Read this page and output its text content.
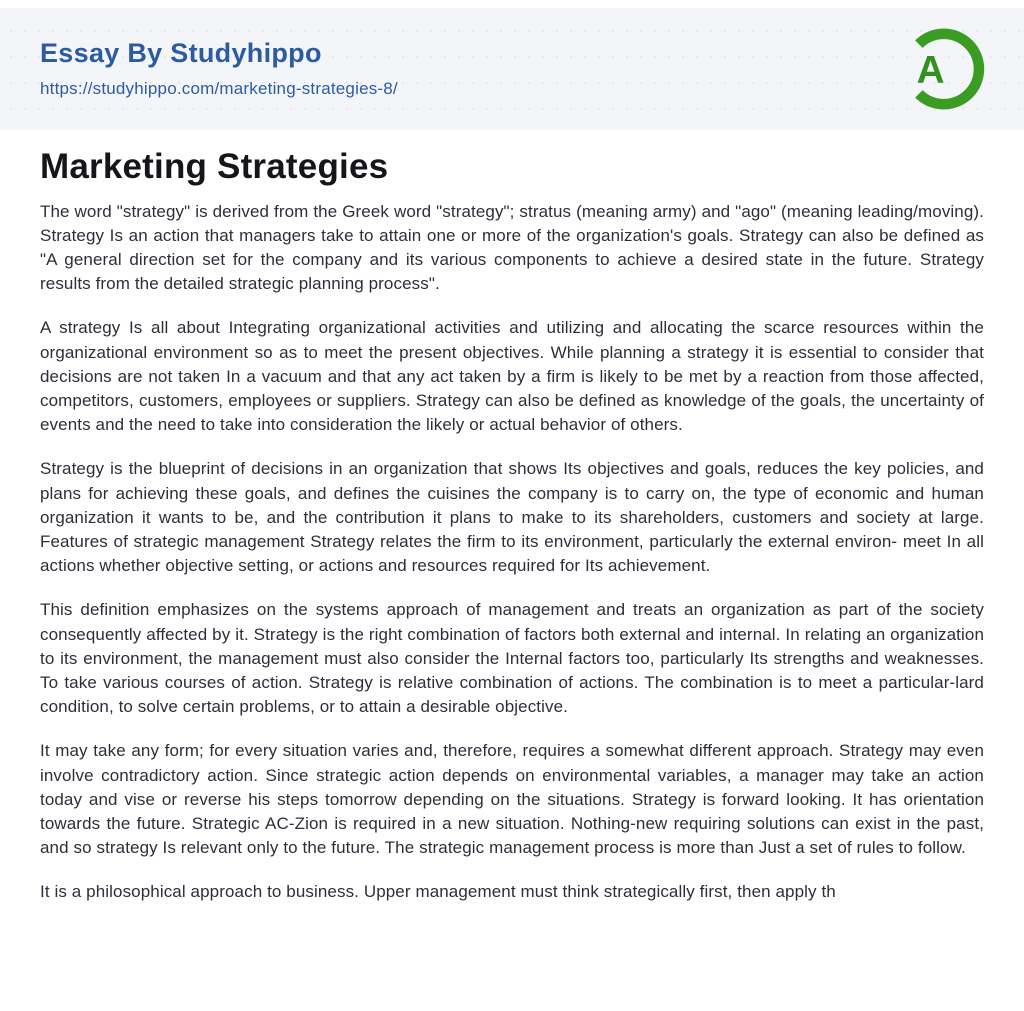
Essay By Studyhippo
https://studyhippo.com/marketing-strategies-8/	A
Marketing Strategies

The word "strategy" is derived from the Greek word "strategy"; stratus (meaning army) and "ago" (meaning leading/moving). Strategy Is an action that managers take to attain one or more of the organization's goals. Strategy can also be defined as "A general direction set for the company and its various components to achieve a desired state in the future. Strategy results from the detailed strategic planning process".

A strategy Is all about Integrating organizational activities and utilizing and allocating the scarce resources within the organizational environment so as to meet the present objectives. While planning a strategy it is essential to consider that decisions are not taken In a vacuum and that any act taken by a firm is likely to be met by a reaction from those affected, competitors, customers, employees or suppliers. Strategy can also be defined as knowledge of the goals, the uncertainty of events and the need to take into consideration the likely or actual behavior of others.

Strategy is the blueprint of decisions in an organization that shows Its objectives and goals, reduces the key policies, and plans for achieving these goals, and defines the cuisines the company is to carry on, the type of economic and human organization it wants to be, and the contribution it plans to make to its shareholders, customers and society at large. Features of strategic management Strategy relates the firm to its environment, particularly the external environ- meet In all actions whether objective setting, or actions and resources required for Its achievement.

This definition emphasizes on the systems approach of management and treats an organization as part of the society consequently affected by it. Strategy is the right combination of factors both external and internal. In relating an organization to its environment, the management must also consider the Internal factors too, particularly Its strengths and weaknesses. To take various courses of action. Strategy is relative combination of actions. The combination is to meet a particular-lard condition, to solve certain problems, or to attain a desirable objective.

It may take any form; for every situation varies and, therefore, requires a somewhat different approach. Strategy may even involve contradictory action. Since strategic action depends on environmental variables, a manager may take an action today and vise or reverse his steps tomorrow depending on the situations. Strategy is forward looking. It has orientation towards the future. Strategic AC-Zion is required in a new situation. Nothing-new requiring solutions can exist in the past, and so strategy Is relevant only to the future. The strategic management process is more than Just a set of rules to follow.

It is a philosophical approach to business. Upper management must think strategically first, then apply th
